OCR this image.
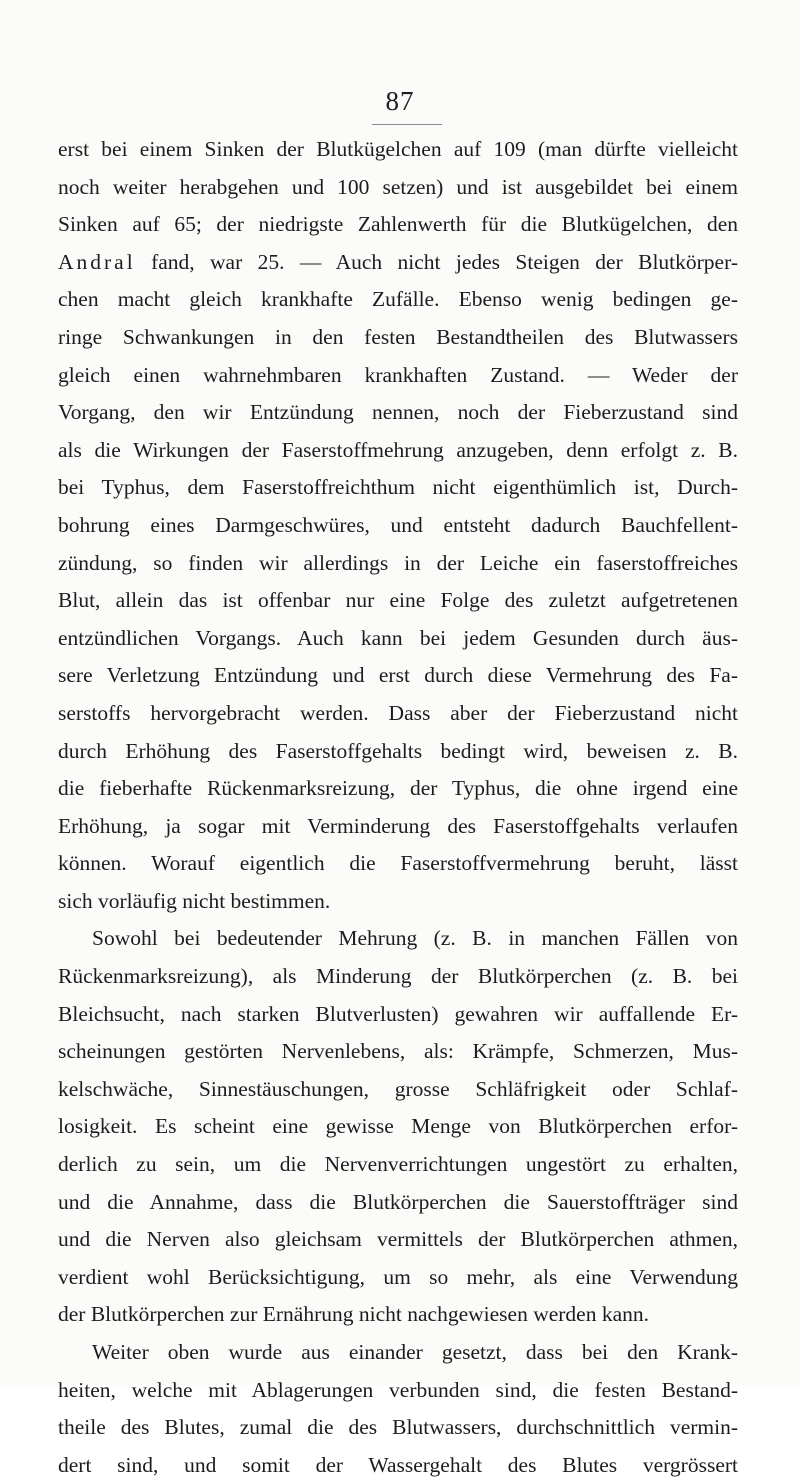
87
erst bei einem Sinken der Blutkügelchen auf 109 (man dürfte vielleicht
noch weiter herabgehen und 100 setzen) und ist ausgebildet bei einem
Sinken auf 65; der niedrigste Zahlenwerth für die Blutkügelchen, den
Andral fand, war 25. — Auch nicht jedes Steigen der Blutkörper-
chen macht gleich krankhafte Zufälle. Ebenso wenig bedingen ge-
ringe Schwankungen in den festen Bestandtheilen des Blutwassers
gleich einen wahrnehmbaren krankhaften Zustand. — Weder der
Vorgang, den wir Entzündung nennen, noch der Fieberzustand sind
als die Wirkungen der Faserstoffmehrung anzugeben, denn erfolgt z. B.
bei Typhus, dem Faserstoffreichthum nicht eigenthümlich ist, Durch-
bohrung eines Darmgeschwüres, und entsteht dadurch Bauchfellent-
zündung, so finden wir allerdings in der Leiche ein faserstoffreiches
Blut, allein das ist offenbar nur eine Folge des zuletzt aufgetretenen
entzündlichen Vorgangs. Auch kann bei jedem Gesunden durch äus-
sere Verletzung Entzündung und erst durch diese Vermehrung des Fa-
serstoffs hervorgebracht werden. Dass aber der Fieberzustand nicht
durch Erhöhung des Faserstoffgehalts bedingt wird, beweisen z. B.
die fieberhafte Rückenmarksreizung, der Typhus, die ohne irgend eine
Erhöhung, ja sogar mit Verminderung des Faserstoffgehalts verlaufen
können. Worauf eigentlich die Faserstoffvermehrung beruht, lässt
sich vorläufig nicht bestimmen.
Sowohl bei bedeutender Mehrung (z. B. in manchen Fällen von
Rückenmarksreizung), als Minderung der Blutkörperchen (z. B. bei
Bleichsucht, nach starken Blutverlusten) gewahren wir auffallende Er-
scheinungen gestörten Nervenlebens, als: Krämpfe, Schmerzen, Mus-
kelschwäche, Sinnestäuschungen, grosse Schläfrigkeit oder Schlaf-
losigkeit. Es scheint eine gewisse Menge von Blutkörperchen erfor-
derlich zu sein, um die Nervenverrichtungen ungestört zu erhalten,
und die Annahme, dass die Blutkörperchen die Sauerstoffträger sind
und die Nerven also gleichsam vermittels der Blutkörperchen athmen,
verdient wohl Berücksichtigung, um so mehr, als eine Verwendung
der Blutkörperchen zur Ernährung nicht nachgewiesen werden kann.
Weiter oben wurde aus einander gesetzt, dass bei den Krank-
heiten, welche mit Ablagerungen verbunden sind, die festen Bestand-
theile des Blutes, zumal die des Blutwassers, durchschnittlich vermin-
dert sind, und somit der Wassergehalt des Blutes vergrössert
